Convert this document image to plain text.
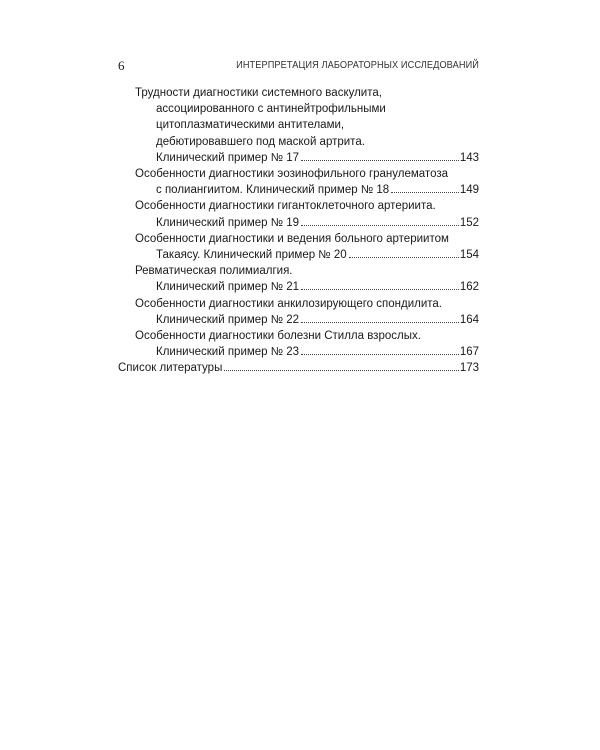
6	ИНТЕРПРЕТАЦИЯ ЛАБОРАТОРНЫХ ИССЛЕДОВАНИЙ
Трудности диагностики системного васкулита,
ассоциированного с антинейтрофильными
цитоплазматическими антителами,
дебютировавшего под маской артрита.
Клинический пример № 17	143
Особенности диагностики эозинофильного гранулематоза
с полиангиитом. Клинический пример № 18	149
Особенности диагностики гигантоклеточного артериита.
Клинический пример № 19	152
Особенности диагностики и ведения больного артериитом
Такаясу. Клинический пример № 20	154
Ревматическая полимиалгия.
Клинический пример № 21	162
Особенности диагностики анкилозирующего спондилита.
Клинический пример № 22	164
Особенности диагностики болезни Стилла взрослых.
Клинический пример № 23	167
Список литературы	173
